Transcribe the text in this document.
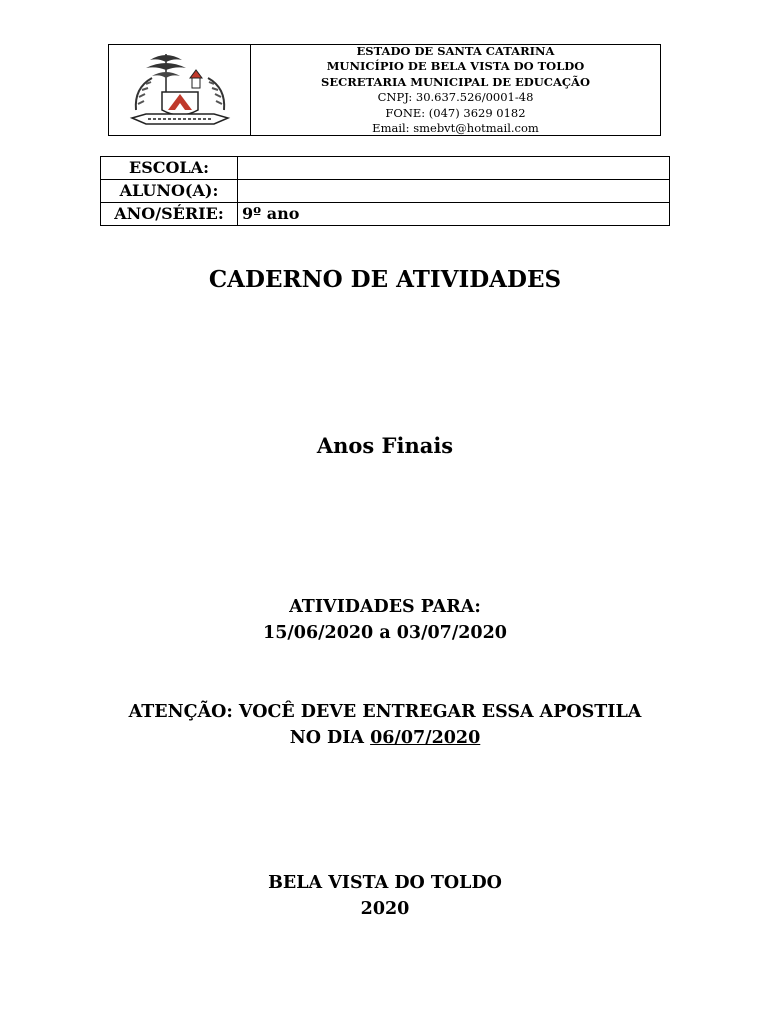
ESTADO DE SANTA CATARINA
MUNICÍPIO DE BELA VISTA DO TOLDO
SECRETARIA MUNICIPAL DE EDUCAÇÃO
CNPJ: 30.637.526/0001-48
FONE: (047) 3629 0182
Email: smebvt@hotmail.com
ESCOLA:	
ALUNO(A):	
ANO/SÉRIE:	9º ano
CADERNO DE ATIVIDADES
Anos Finais
ATIVIDADES PARA:
15/06/2020 a 03/07/2020
ATENÇÃO: VOCÊ DEVE ENTREGAR ESSA APOSTILA
NO DIA 06/07/2020
BELA VISTA DO TOLDO
2020
